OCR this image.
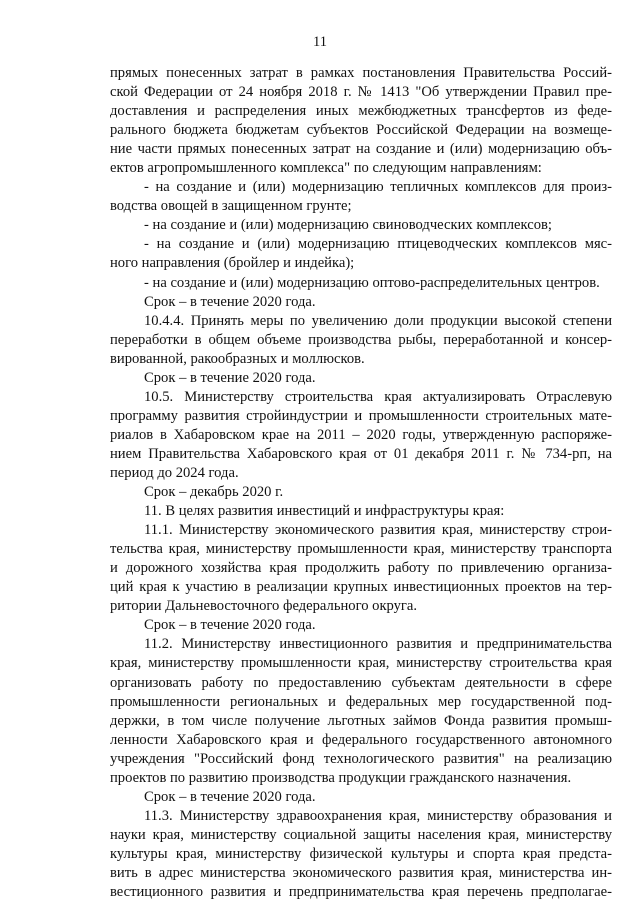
11
прямых понесенных затрат в рамках постановления Правительства Россий-
ской Федерации от 24 ноября 2018 г. № 1413 "Об утверждении Правил пре-
доставления и распределения иных межбюджетных трансфертов из феде-
рального бюджета бюджетам субъектов Российской Федерации на возмеще-
ние части прямых понесенных затрат на создание и (или) модернизацию объ-
ектов агропромышленного комплекса" по следующим направлениям:
- на создание и (или) модернизацию тепличных комплексов для произ-
водства овощей в защищенном грунте;
- на создание и (или) модернизацию свиноводческих комплексов;
- на создание и (или) модернизацию птицеводческих комплексов мяс-
ного направления (бройлер и индейка);
- на создание и (или) модернизацию оптово-распределительных центров.
Срок – в течение 2020 года.
10.4.4. Принять меры по увеличению доли продукции высокой степени
переработки в общем объеме производства рыбы, переработанной и консер-
вированной, ракообразных и моллюсков.
Срок – в течение 2020 года.
10.5. Министерству строительства края актуализировать Отраслевую
программу развития стройиндустрии и промышленности строительных мате-
риалов в Хабаровском крае на 2011 – 2020 годы, утвержденную распоряже-
нием Правительства Хабаровского края от 01 декабря 2011 г. № 734-рп, на
период до 2024 года.
Срок – декабрь 2020 г.
11. В целях развития инвестиций и инфраструктуры края:
11.1. Министерству экономического развития края, министерству строи-
тельства края, министерству промышленности края, министерству транспорта
и дорожного хозяйства края продолжить работу по привлечению организа-
ций края к участию в реализации крупных инвестиционных проектов на тер-
ритории Дальневосточного федерального округа.
Срок – в течение 2020 года.
11.2. Министерству инвестиционного развития и предпринимательства
края, министерству промышленности края, министерству строительства края
организовать работу по предоставлению субъектам деятельности в сфере
промышленности региональных и федеральных мер государственной под-
держки, в том числе получение льготных займов Фонда развития промыш-
ленности Хабаровского края и федерального государственного автономного
учреждения "Российский фонд технологического развития" на реализацию
проектов по развитию производства продукции гражданского назначения.
Срок – в течение 2020 года.
11.3. Министерству здравоохранения края, министерству образования и
науки края, министерству социальной защиты населения края, министерству
культуры края, министерству физической культуры и спорта края предста-
вить в адрес министерства экономического развития края, министерства ин-
вестиционного развития и предпринимательства края перечень предполагае-
